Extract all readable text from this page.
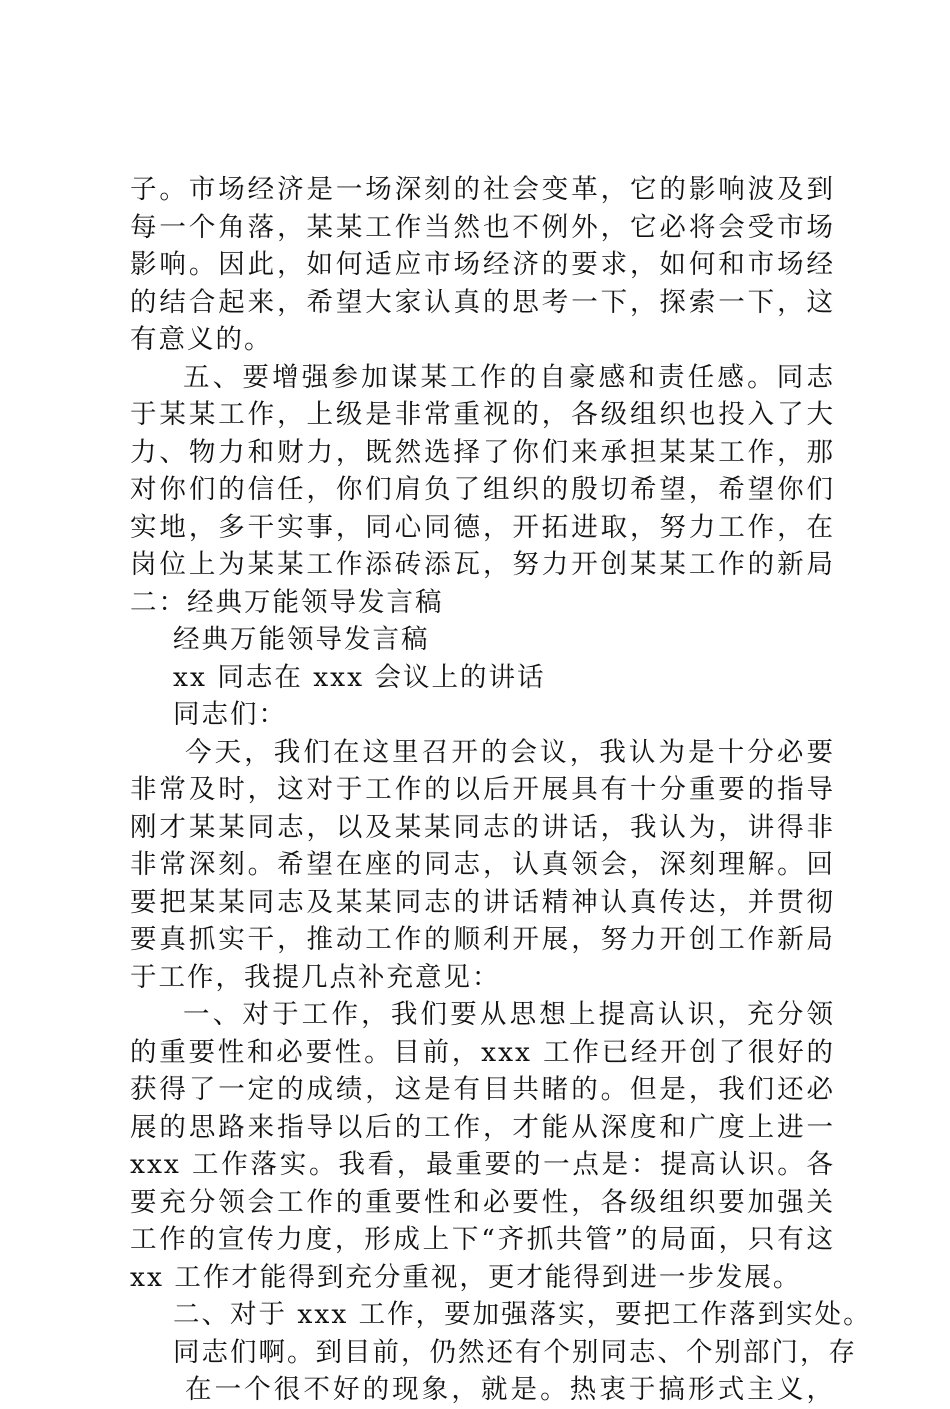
子。市场经济是一场深刻的社会变革，它的影响波及到
每一个角落，某某工作当然也不例外，它必将会受市场
影响。因此，如何适应市场经济的要求，如何和市场经
的结合起来，希望大家认真的思考一下，探索一下，这
有意义的。
五、要增强参加谋某工作的自豪感和责任感。同志
于某某工作，上级是非常重视的，各级组织也投入了大
力、物力和财力，既然选择了你们来承担某某工作，那
对你们的信任，你们肩负了组织的殷切希望，希望你们
实地，多干实事，同心同德，开拓进取，努力工作，在
岗位上为某某工作添砖添瓦，努力开创某某工作的新局
二：经典万能领导发言稿
经典万能领导发言稿
xx 同志在 xxx 会议上的讲话
同志们：
今天，我们在这里召开的会议，我认为是十分必要
非常及时，这对于工作的以后开展具有十分重要的指导
刚才某某同志，以及某某同志的讲话，我认为，讲得非
非常深刻。希望在座的同志，认真领会，深刻理解。回
要把某某同志及某某同志的讲话精神认真传达，并贯彻
要真抓实干，推动工作的顺利开展，努力开创工作新局
于工作，我提几点补充意见：
一、对于工作，我们要从思想上提高认识，充分领
的重要性和必要性。目前，xxx 工作已经开创了很好的
获得了一定的成绩，这是有目共睹的。但是，我们还必
展的思路来指导以后的工作，才能从深度和广度上进一
xxx 工作落实。我看，最重要的一点是：提高认识。各
要充分领会工作的重要性和必要性，各级组织要加强关
工作的宣传力度，形成上下“齐抓共管”的局面，只有这
xx 工作才能得到充分重视，更才能得到进一步发展。
二、对于 xxx 工作，要加强落实，要把工作落到实处。
同志们啊。到目前，仍然还有个别同志、个别部门，存
在一个很不好的现象，就是。热衷于搞形式主义，
